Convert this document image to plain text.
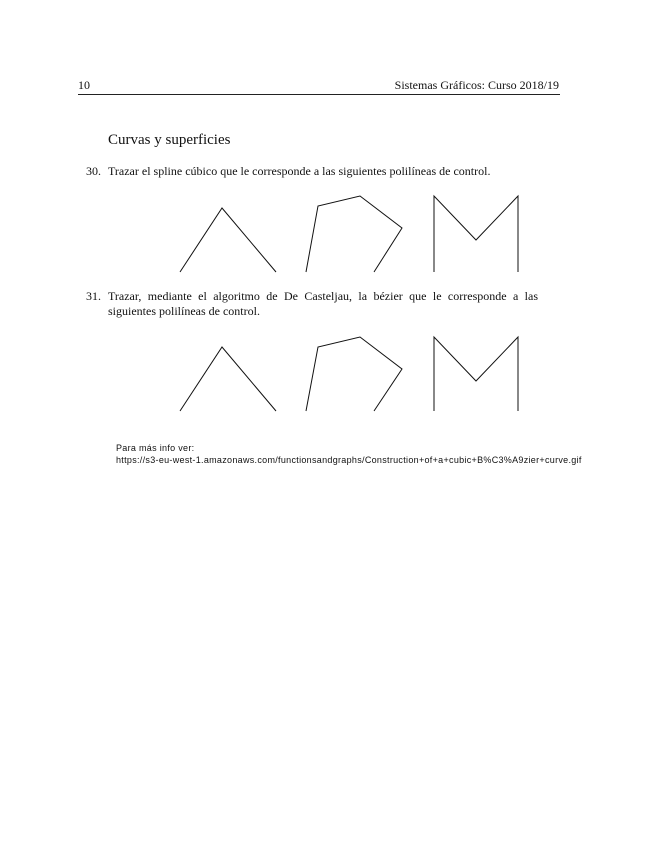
10	Sistemas Gráficos: Curso 2018/19
Curvas y superficies
30. Trazar el spline cúbico que le corresponde a las siguientes polilíneas de control.
31. Trazar, mediante el algoritmo de De Casteljau, la bézier que le corresponde a las siguientes polilíneas de control.
Para más info ver:
https://s3-eu-west-1.amazonaws.com/functionsandgraphs/Construction+of+a+cubic+B%C3%A9zier+curve.gif
